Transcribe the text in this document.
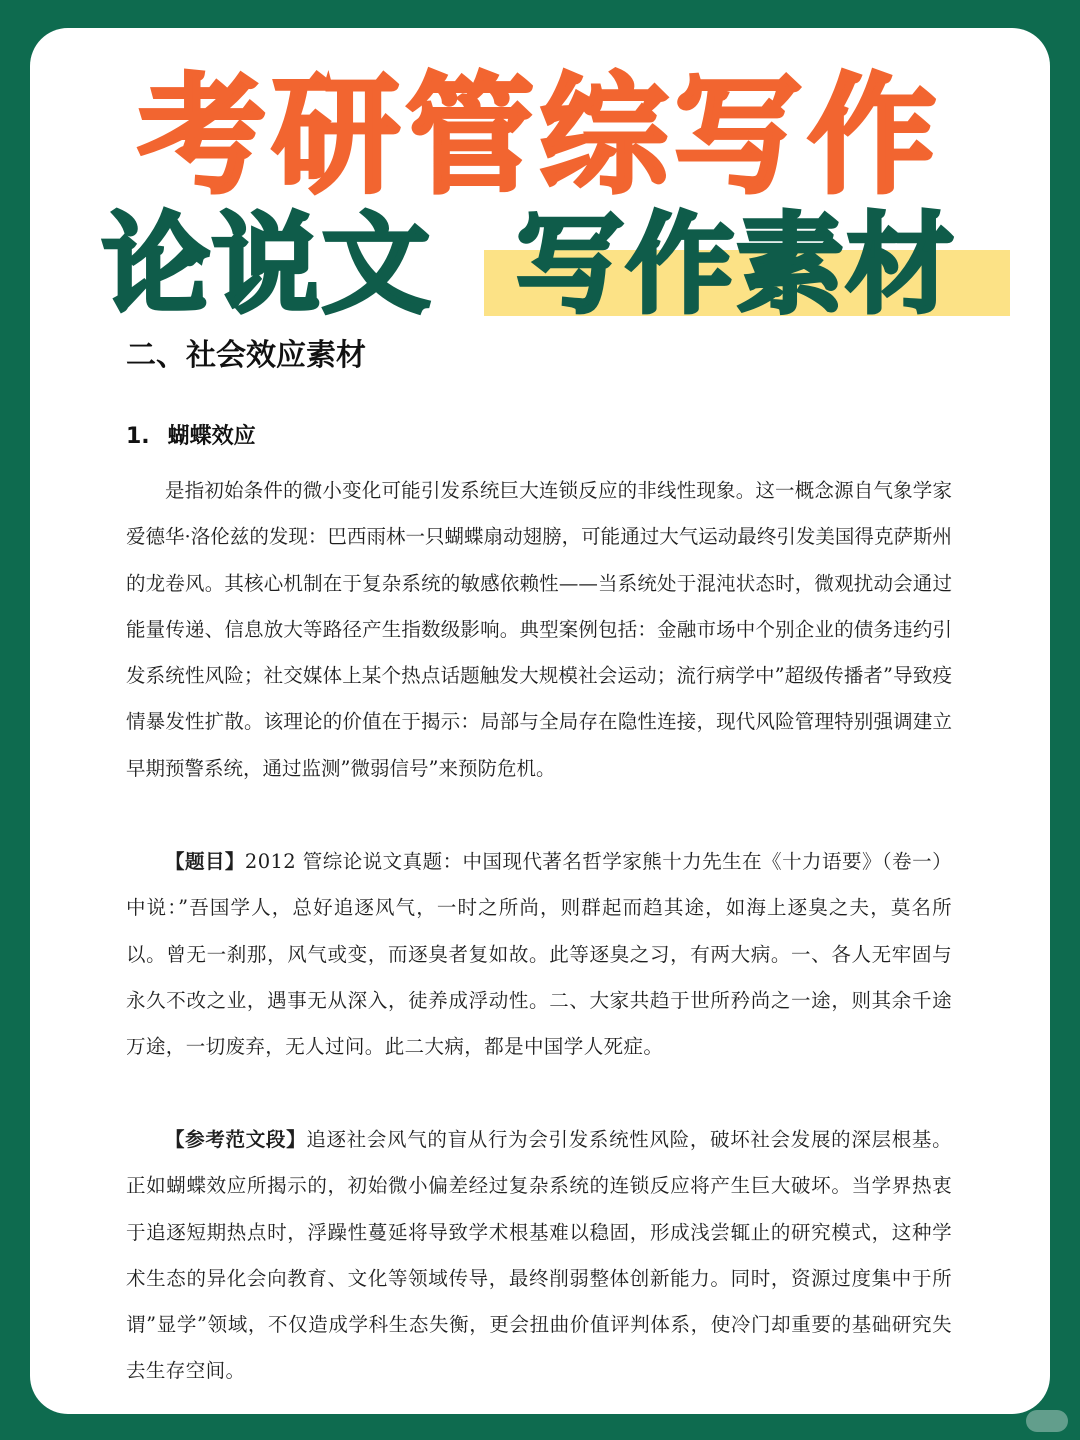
考研管综写作
论说文 写作素材
二、社会效应素材
1. 蝴蝶效应

是指初始条件的微小变化可能引发系统巨大连锁反应的非线性现象。这一概念源自气象学家爱德华·洛伦兹的发现：巴西雨林一只蝴蝶扇动翅膀，可能通过大气运动最终引发美国得克萨斯州的龙卷风。其核心机制在于复杂系统的敏感依赖性——当系统处于混沌状态时，微观扰动会通过能量传递、信息放大等路径产生指数级影响。典型案例包括：金融市场中个别企业的债务违约引发系统性风险；社交媒体上某个热点话题触发大规模社会运动；流行病学中”超级传播者”导致疫情暴发性扩散。该理论的价值在于揭示：局部与全局存在隐性连接，现代风险管理特别强调建立早期预警系统，通过监测”微弱信号”来预防危机。

【题目】2012 管综论说文真题：中国现代著名哲学家熊十力先生在《十力语要》（卷一）中说：”吾国学人，总好追逐风气，一时之所尚，则群起而趋其途，如海上逐臭之夫，莫名所以。曾无一刹那，风气或变，而逐臭者复如故。此等逐臭之习，有两大病。一、各人无牢固与永久不改之业，遇事无从深入，徒养成浮动性。二、大家共趋于世所矜尚之一途，则其余千途万途，一切废弃，无人过问。此二大病，都是中国学人死症。

【参考范文段】追逐社会风气的盲从行为会引发系统性风险，破坏社会发展的深层根基。正如蝴蝶效应所揭示的，初始微小偏差经过复杂系统的连锁反应将产生巨大破坏。当学界热衷于追逐短期热点时，浮躁性蔓延将导致学术根基难以稳固，形成浅尝辄止的研究模式，这种学术生态的异化会向教育、文化等领域传导，最终削弱整体创新能力。同时，资源过度集中于所谓”显学”领域，不仅造成学科生态失衡，更会扭曲价值评判体系，使冷门却重要的基础研究失去生存空间。
